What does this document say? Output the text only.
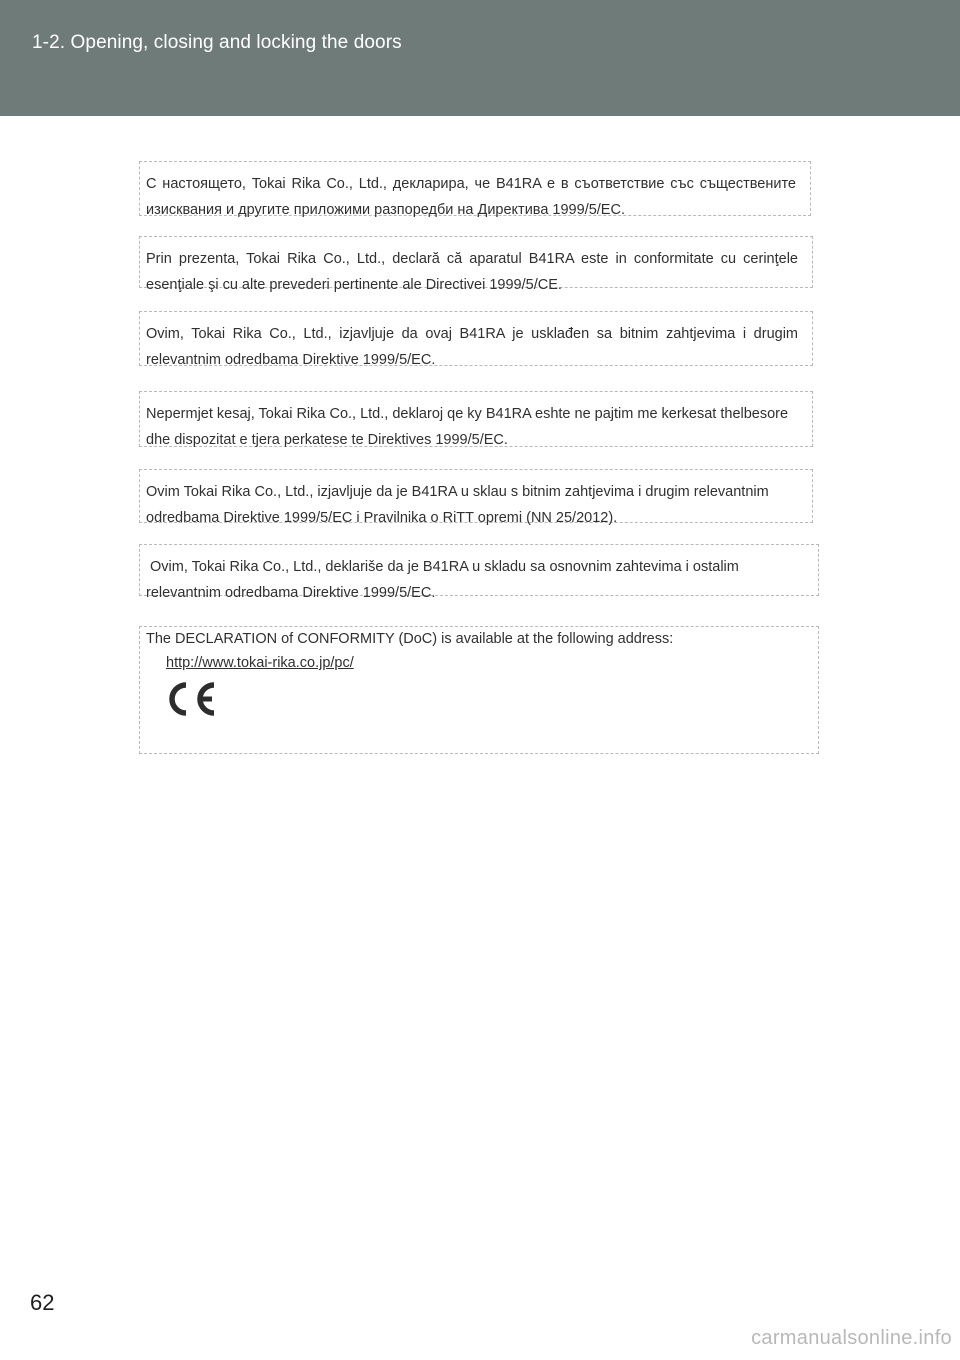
1-2. Opening, closing and locking the doors

С настоящето, Tokai Rika Co., Ltd., декларира, че B41RA е в съответствие със съществените

изисквания и другите приложими разпоредби на Директива 1999/5/EC.

Prin prezenta, Tokai Rika Co., Ltd., declară că aparatul B41RA este in conformitate cu cerinţele

esenţiale şi cu alte prevederi pertinente ale Directivei 1999/5/CE.

Ovim, Tokai Rika Co., Ltd., izjavljuje da ovaj B41RA je usklađen sa bitnim zahtjevima i drugim

relevantnim odredbama Direktive 1999/5/EC.

Nepermjet kesaj, Tokai Rika Co., Ltd., deklaroj qe ky B41RA eshte ne pajtim me kerkesat thelbesore

dhe dispozitat e tjera perkatese te Direktives 1999/5/EC.

Ovim Tokai Rika Co., Ltd., izjavljuje da je B41RA u sklau s bitnim zahtjevima i drugim relevantnim

odredbama Direktive 1999/5/EC i Pravilnika o RiTT opremi (NN 25/2012).

Ovim, Tokai Rika Co., Ltd., deklariše da je B41RA u skladu sa osnovnim zahtevima i ostalim

relevantnim odredbama Direktive 1999/5/EC.

The DECLARATION of CONFORMITY (DoC) is available at the following address:

http://www.tokai-rika.co.jp/pc/
62
carmanualsonline.info
